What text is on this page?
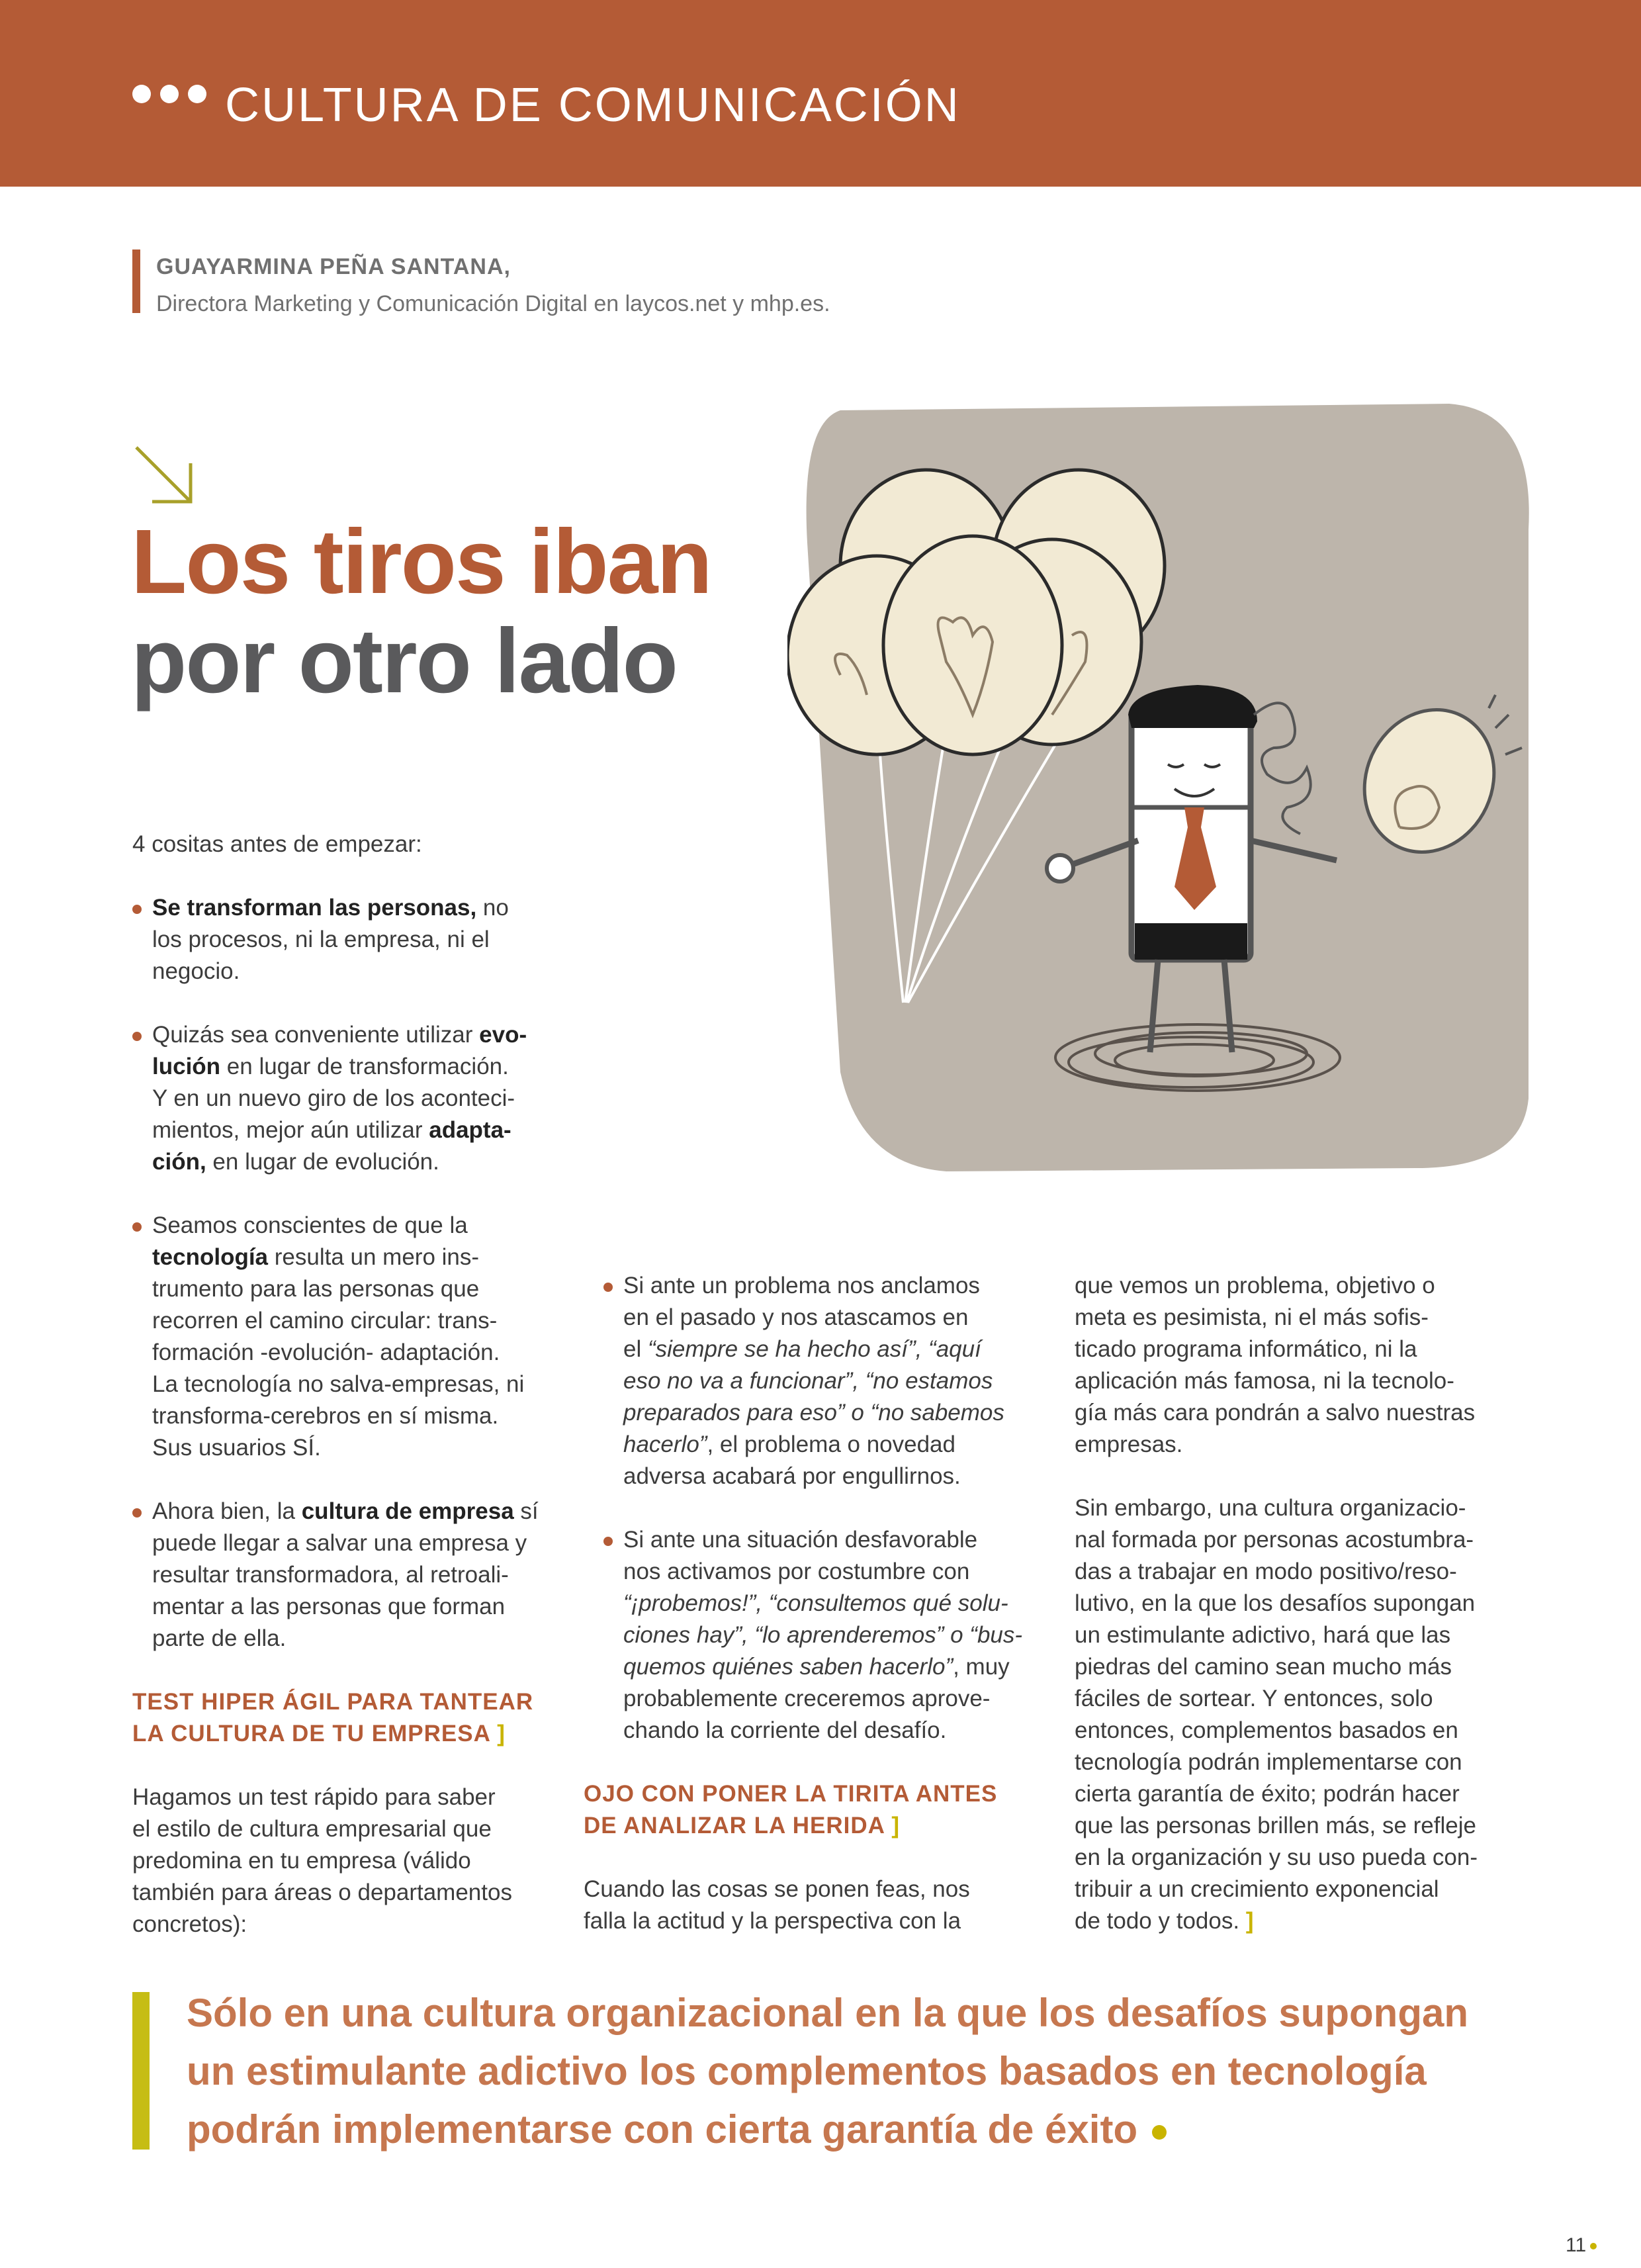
CULTURA DE COMUNICACIÓN
GUAYARMINA PEÑA SANTANA,
Directora Marketing y Comunicación Digital en laycos.net y mhp.es.
Los tiros iban
por otro lado

4 cositas antes de empezar:

Se transforman las personas, no
los procesos, ni la empresa, ni el
negocio.
Quizás sea conveniente utilizar evo-
lución en lugar de transformación.
Y en un nuevo giro de los aconteci-
mientos, mejor aún utilizar adapta-
ción, en lugar de evolución.
Seamos conscientes de que la
tecnología resulta un mero ins-
trumento para las personas que
recorren el camino circular: trans-
formación -evolución- adaptación.
La tecnología no salva-empresas, ni
transforma-cerebros en sí misma.
Sus usuarios SÍ.
Ahora bien, la cultura de empresa sí
puede llegar a salvar una empresa y
resultar transformadora, al retroali-
mentar a las personas que forman
parte de ella.
TEST HIPER ÁGIL PARA TANTEAR
LA CULTURA DE TU EMPRESA ]

Hagamos un test rápido para saber
el estilo de cultura empresarial que
predomina en tu empresa (válido
también para áreas o departamentos
concretos):

Si ante un problema nos anclamos
en el pasado y nos atascamos en
el “siempre se ha hecho así”, “aquí
eso no va a funcionar”, “no estamos
preparados para eso” o “no sabemos
hacerlo”, el problema o novedad
adversa acabará por engullirnos.
Si ante una situación desfavorable
nos activamos por costumbre con
“¡probemos!”, “consultemos qué solu-
ciones hay”, “lo aprenderemos” o “bus-
quemos quiénes saben hacerlo”, muy
probablemente creceremos aprove-
chando la corriente del desafío.
OJO CON PONER LA TIRITA ANTES
DE ANALIZAR LA HERIDA ]

Cuando las cosas se ponen feas, nos
falla la actitud y la perspectiva con la

que vemos un problema, objetivo o
meta es pesimista, ni el más sofis-
ticado programa informático, ni la
aplicación más famosa, ni la tecnolo-
gía más cara pondrán a salvo nuestras
empresas.

Sin embargo, una cultura organizacio-
nal formada por personas acostumbra-
das a trabajar en modo positivo/reso-
lutivo, en la que los desafíos supongan
un estimulante adictivo, hará que las
piedras del camino sean mucho más
fáciles de sortear. Y entonces, solo
entonces, complementos basados en
tecnología podrán implementarse con
cierta garantía de éxito; podrán hacer
que las personas brillen más, se refleje
en la organización y su uso pueda con-
tribuir a un crecimiento exponencial
de todo y todos. ]

Sólo en una cultura organizacional en la que los desafíos supongan
un estimulante adictivo los complementos basados en tecnología
podrán implementarse con cierta garantía de éxito
11
